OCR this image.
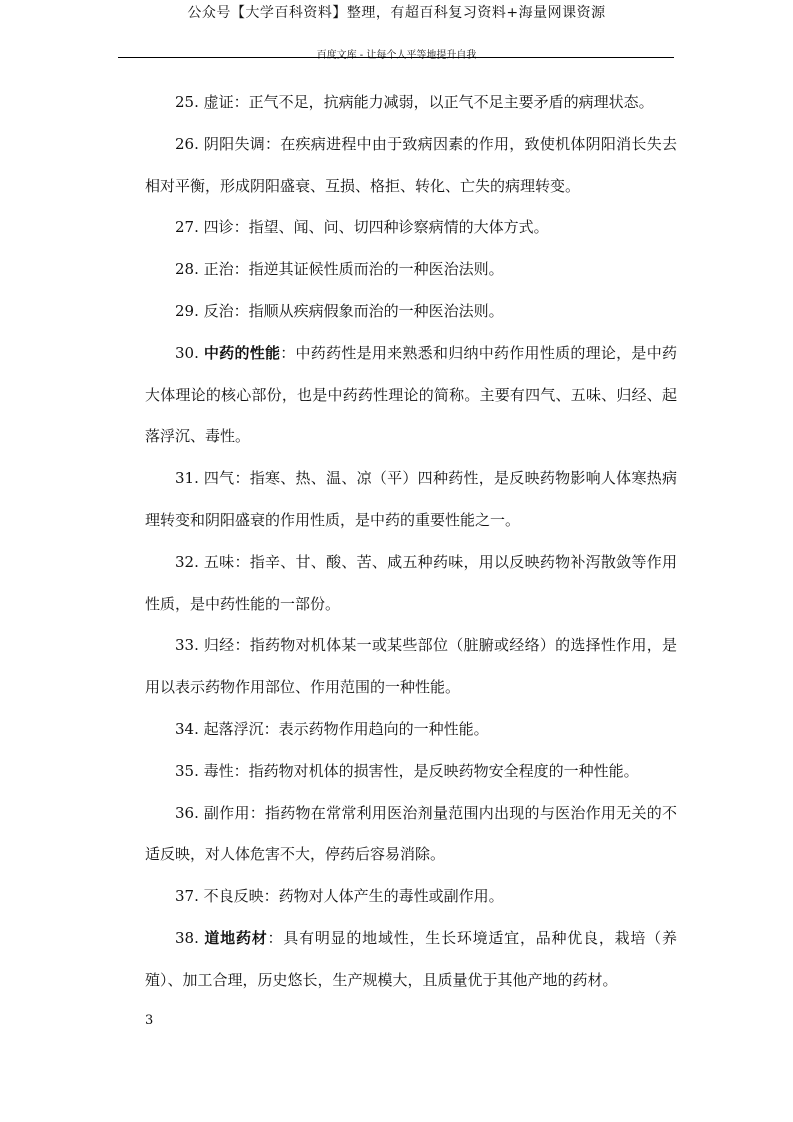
公众号【大学百科资料】整理，有超百科复习资料+海量网课资源
百度文库 - 让每个人平等地提升自我

25. 虚证：正气不足，抗病能力减弱，以正气不足主要矛盾的病理状态。

26. 阴阳失调：在疾病进程中由于致病因素的作用，致使机体阴阳消长失去相对平衡，形成阴阳盛衰、互损、格拒、转化、亡失的病理转变。

27. 四诊：指望、闻、问、切四种诊察病情的大体方式。

28. 正治：指逆其证候性质而治的一种医治法则。

29. 反治：指顺从疾病假象而治的一种医治法则。

30. 中药的性能：中药药性是用来熟悉和归纳中药作用性质的理论，是中药大体理论的核心部份，也是中药药性理论的简称。主要有四气、五味、归经、起落浮沉、毒性。

31. 四气：指寒、热、温、凉（平）四种药性，是反映药物影响人体寒热病理转变和阴阳盛衰的作用性质，是中药的重要性能之一。

32. 五味：指辛、甘、酸、苦、咸五种药味，用以反映药物补泻散敛等作用性质，是中药性能的一部份。

33. 归经：指药物对机体某一或某些部位（脏腑或经络）的选择性作用，是用以表示药物作用部位、作用范围的一种性能。

34. 起落浮沉：表示药物作用趋向的一种性能。

35. 毒性：指药物对机体的损害性，是反映药物安全程度的一种性能。

36. 副作用：指药物在常常利用医治剂量范围内出现的与医治作用无关的不适反映，对人体危害不大，停药后容易消除。

37. 不良反映：药物对人体产生的毒性或副作用。

38. 道地药材：具有明显的地域性，生长环境适宜，品种优良，栽培（养殖）、加工合理，历史悠长，生产规模大，且质量优于其他产地的药材。

3
